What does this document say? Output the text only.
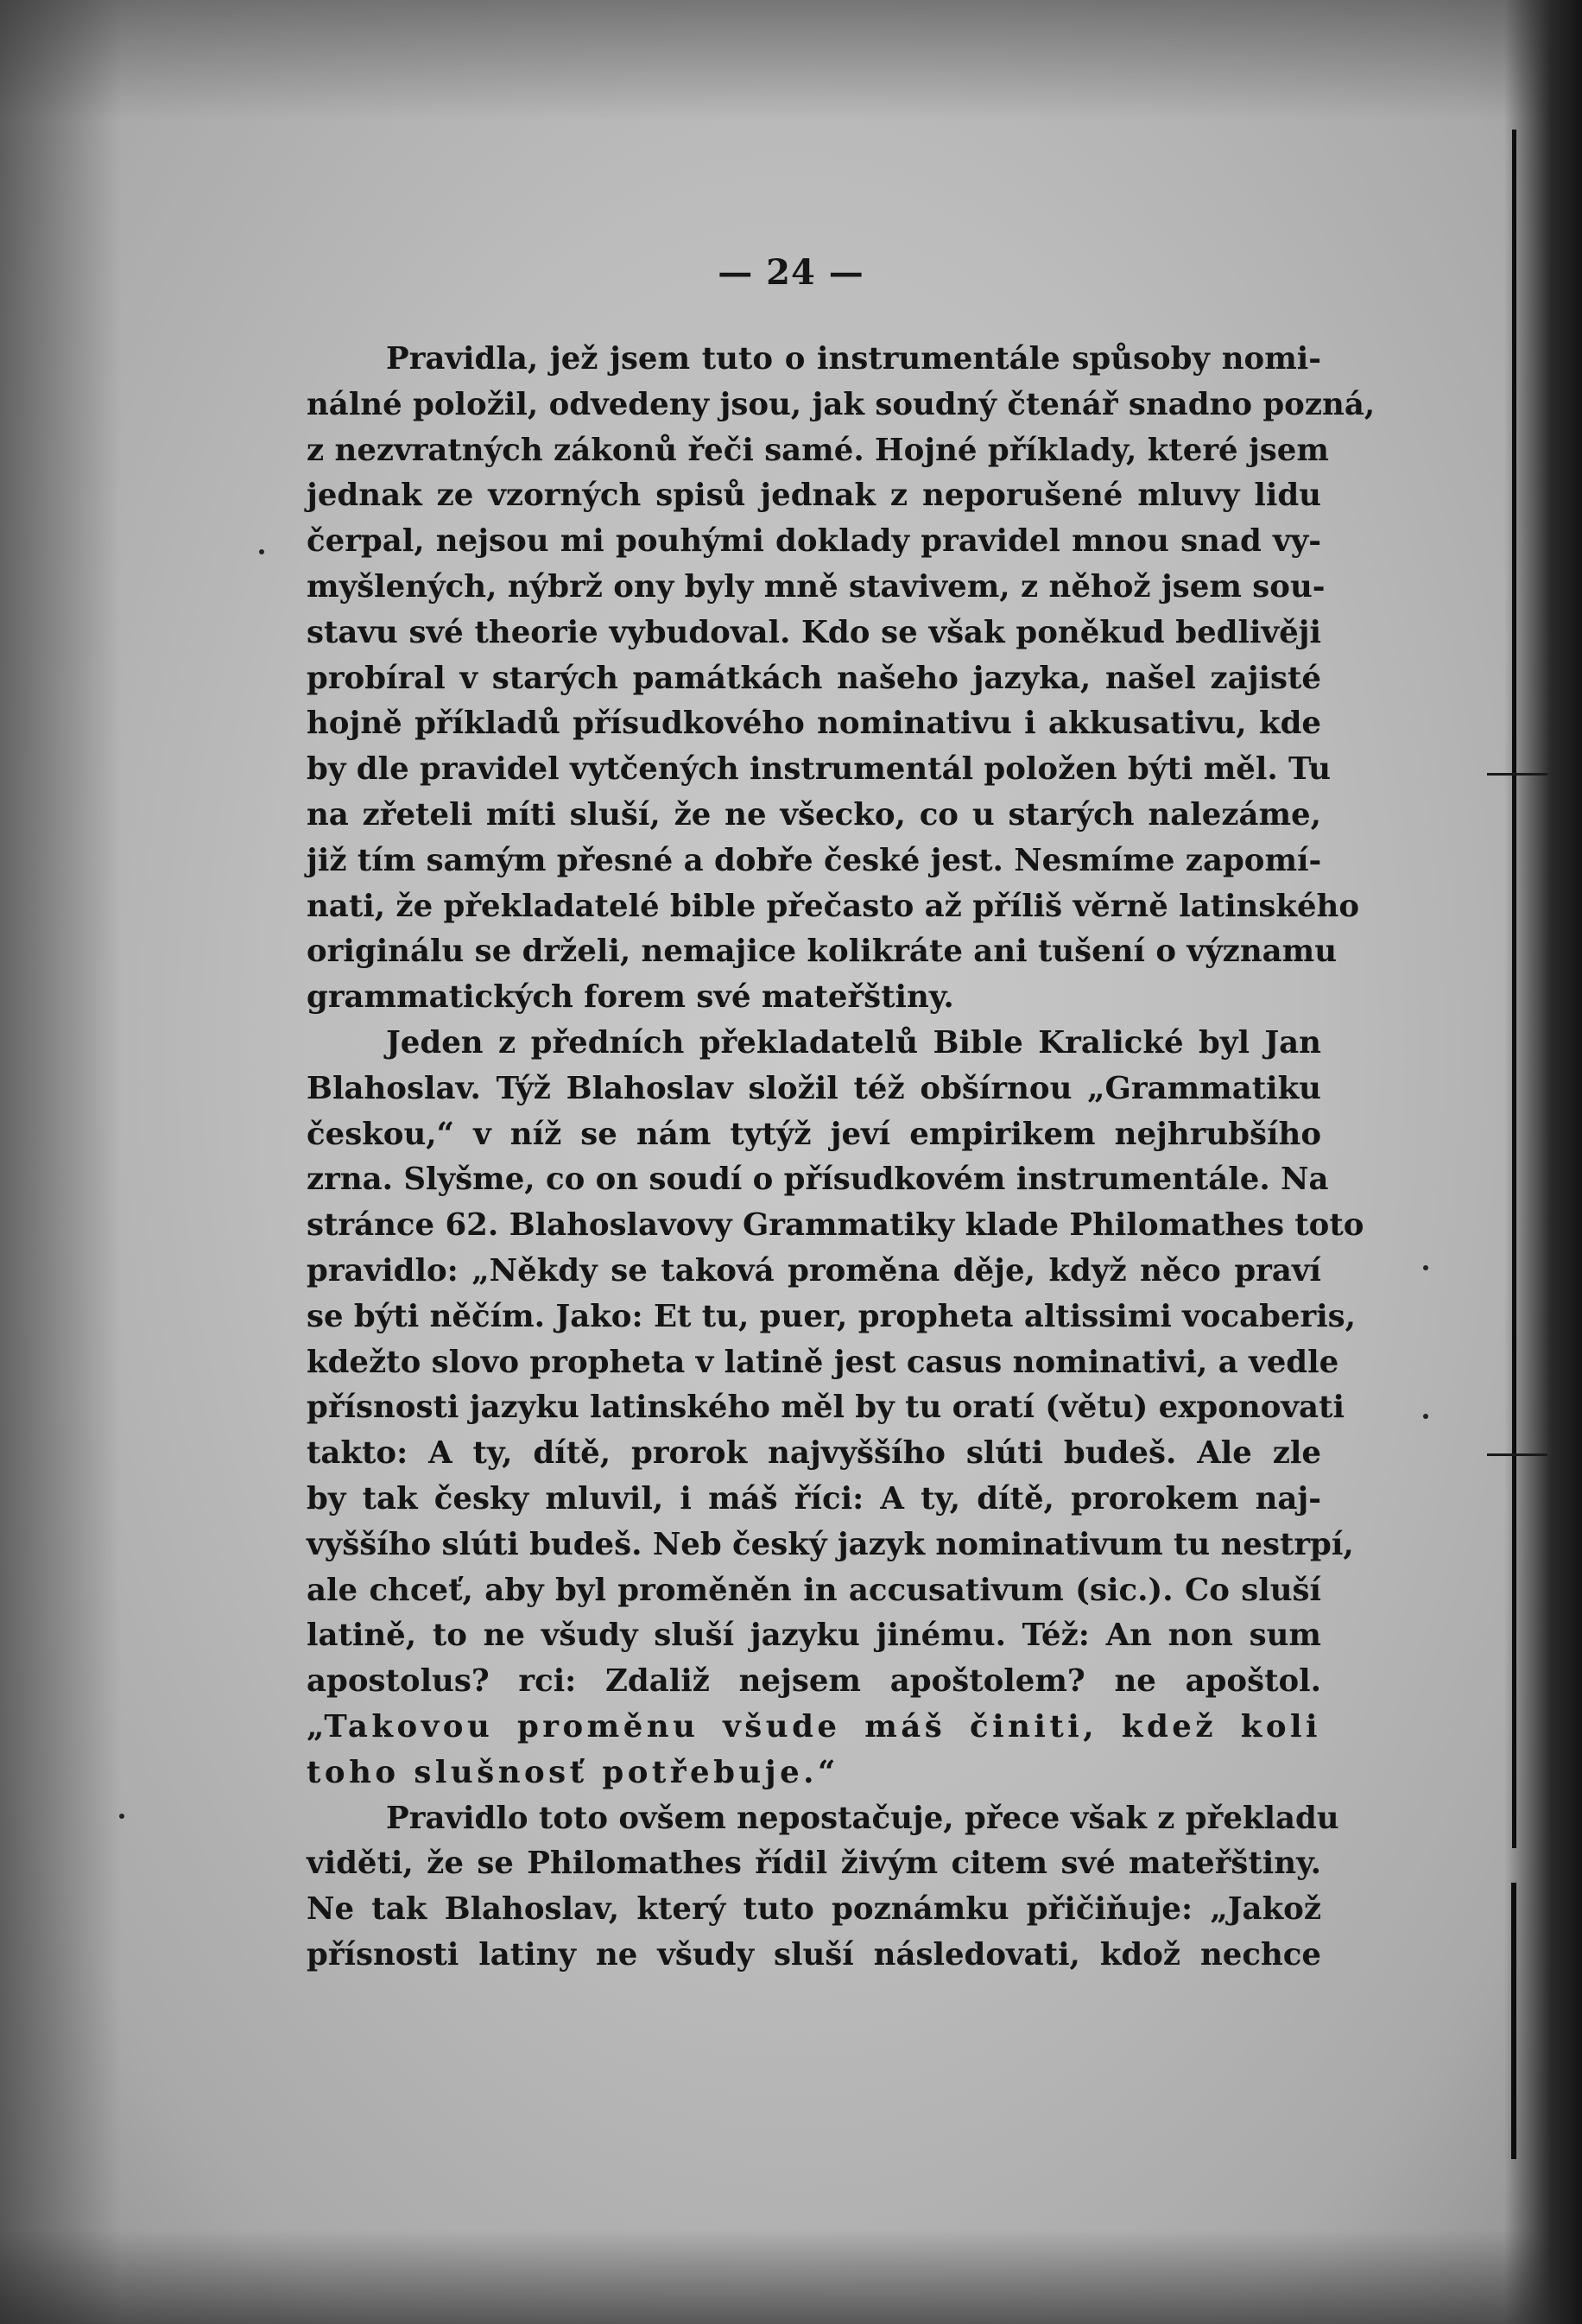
— 24 —
Pravidla, jež jsem tuto o instrumentále spůsoby nomi-
nálné položil, odvedeny jsou, jak soudný čtenář snadno pozná,
z nezvratných zákonů řeči samé. Hojné příklady, které jsem
jednak ze vzorných spisů jednak z neporušené mluvy lidu
čerpal, nejsou mi pouhými doklady pravidel mnou snad vy-
myšlených, nýbrž ony byly mně stavivem, z něhož jsem sou-
stavu své theorie vybudoval. Kdo se však poněkud bedlivěji
probíral v starých památkách našeho jazyka, našel zajisté
hojně příkladů přísudkového nominativu i akkusativu, kde
by dle pravidel vytčených instrumentál položen býti měl. Tu
na zřeteli míti sluší, že ne všecko, co u starých nalezáme,
již tím samým přesné a dobře české jest. Nesmíme zapomí-
nati, že překladatelé bible přečasto až příliš věrně latinského
originálu se drželi, nemajice kolikráte ani tušení o významu
grammatických forem své mateřštiny.
Jeden z předních překladatelů Bible Kralické byl Jan
Blahoslav. Týž Blahoslav složil též obšírnou „Grammatiku
českou,“ v níž se nám tytýž jeví empirikem nejhrubšího
zrna. Slyšme, co on soudí o přísudkovém instrumentále. Na
stránce 62. Blahoslavovy Grammatiky klade Philomathes toto
pravidlo: „Někdy se taková proměna děje, když něco praví
se býti něčím. Jako: Et tu, puer, propheta altissimi vocaberis,
kdežto slovo propheta v latině jest casus nominativi, a vedle
přísnosti jazyku latinského měl by tu oratí (větu) exponovati
takto: A ty, dítě, prorok najvyššího slúti budeš. Ale zle
by tak česky mluvil, i máš říci: A ty, dítě, prorokem naj-
vyššího slúti budeš. Neb český jazyk nominativum tu nestrpí,
ale chceť, aby byl proměněn in accusativum (sic.). Co sluší
latině, to ne všudy sluší jazyku jinému. Též: An non sum
apostolus? rci: Zdaliž nejsem apoštolem? ne apoštol.
„Takovou proměnu všude máš činiti, kdež koli
toho slušnosť potřebuje.“
Pravidlo toto ovšem nepostačuje, přece však z překladu
viděti, že se Philomathes řídil živým citem své mateřštiny.
Ne tak Blahoslav, který tuto poznámku přičiňuje: „Jakož
přísnosti latiny ne všudy sluší následovati, kdož nechce
